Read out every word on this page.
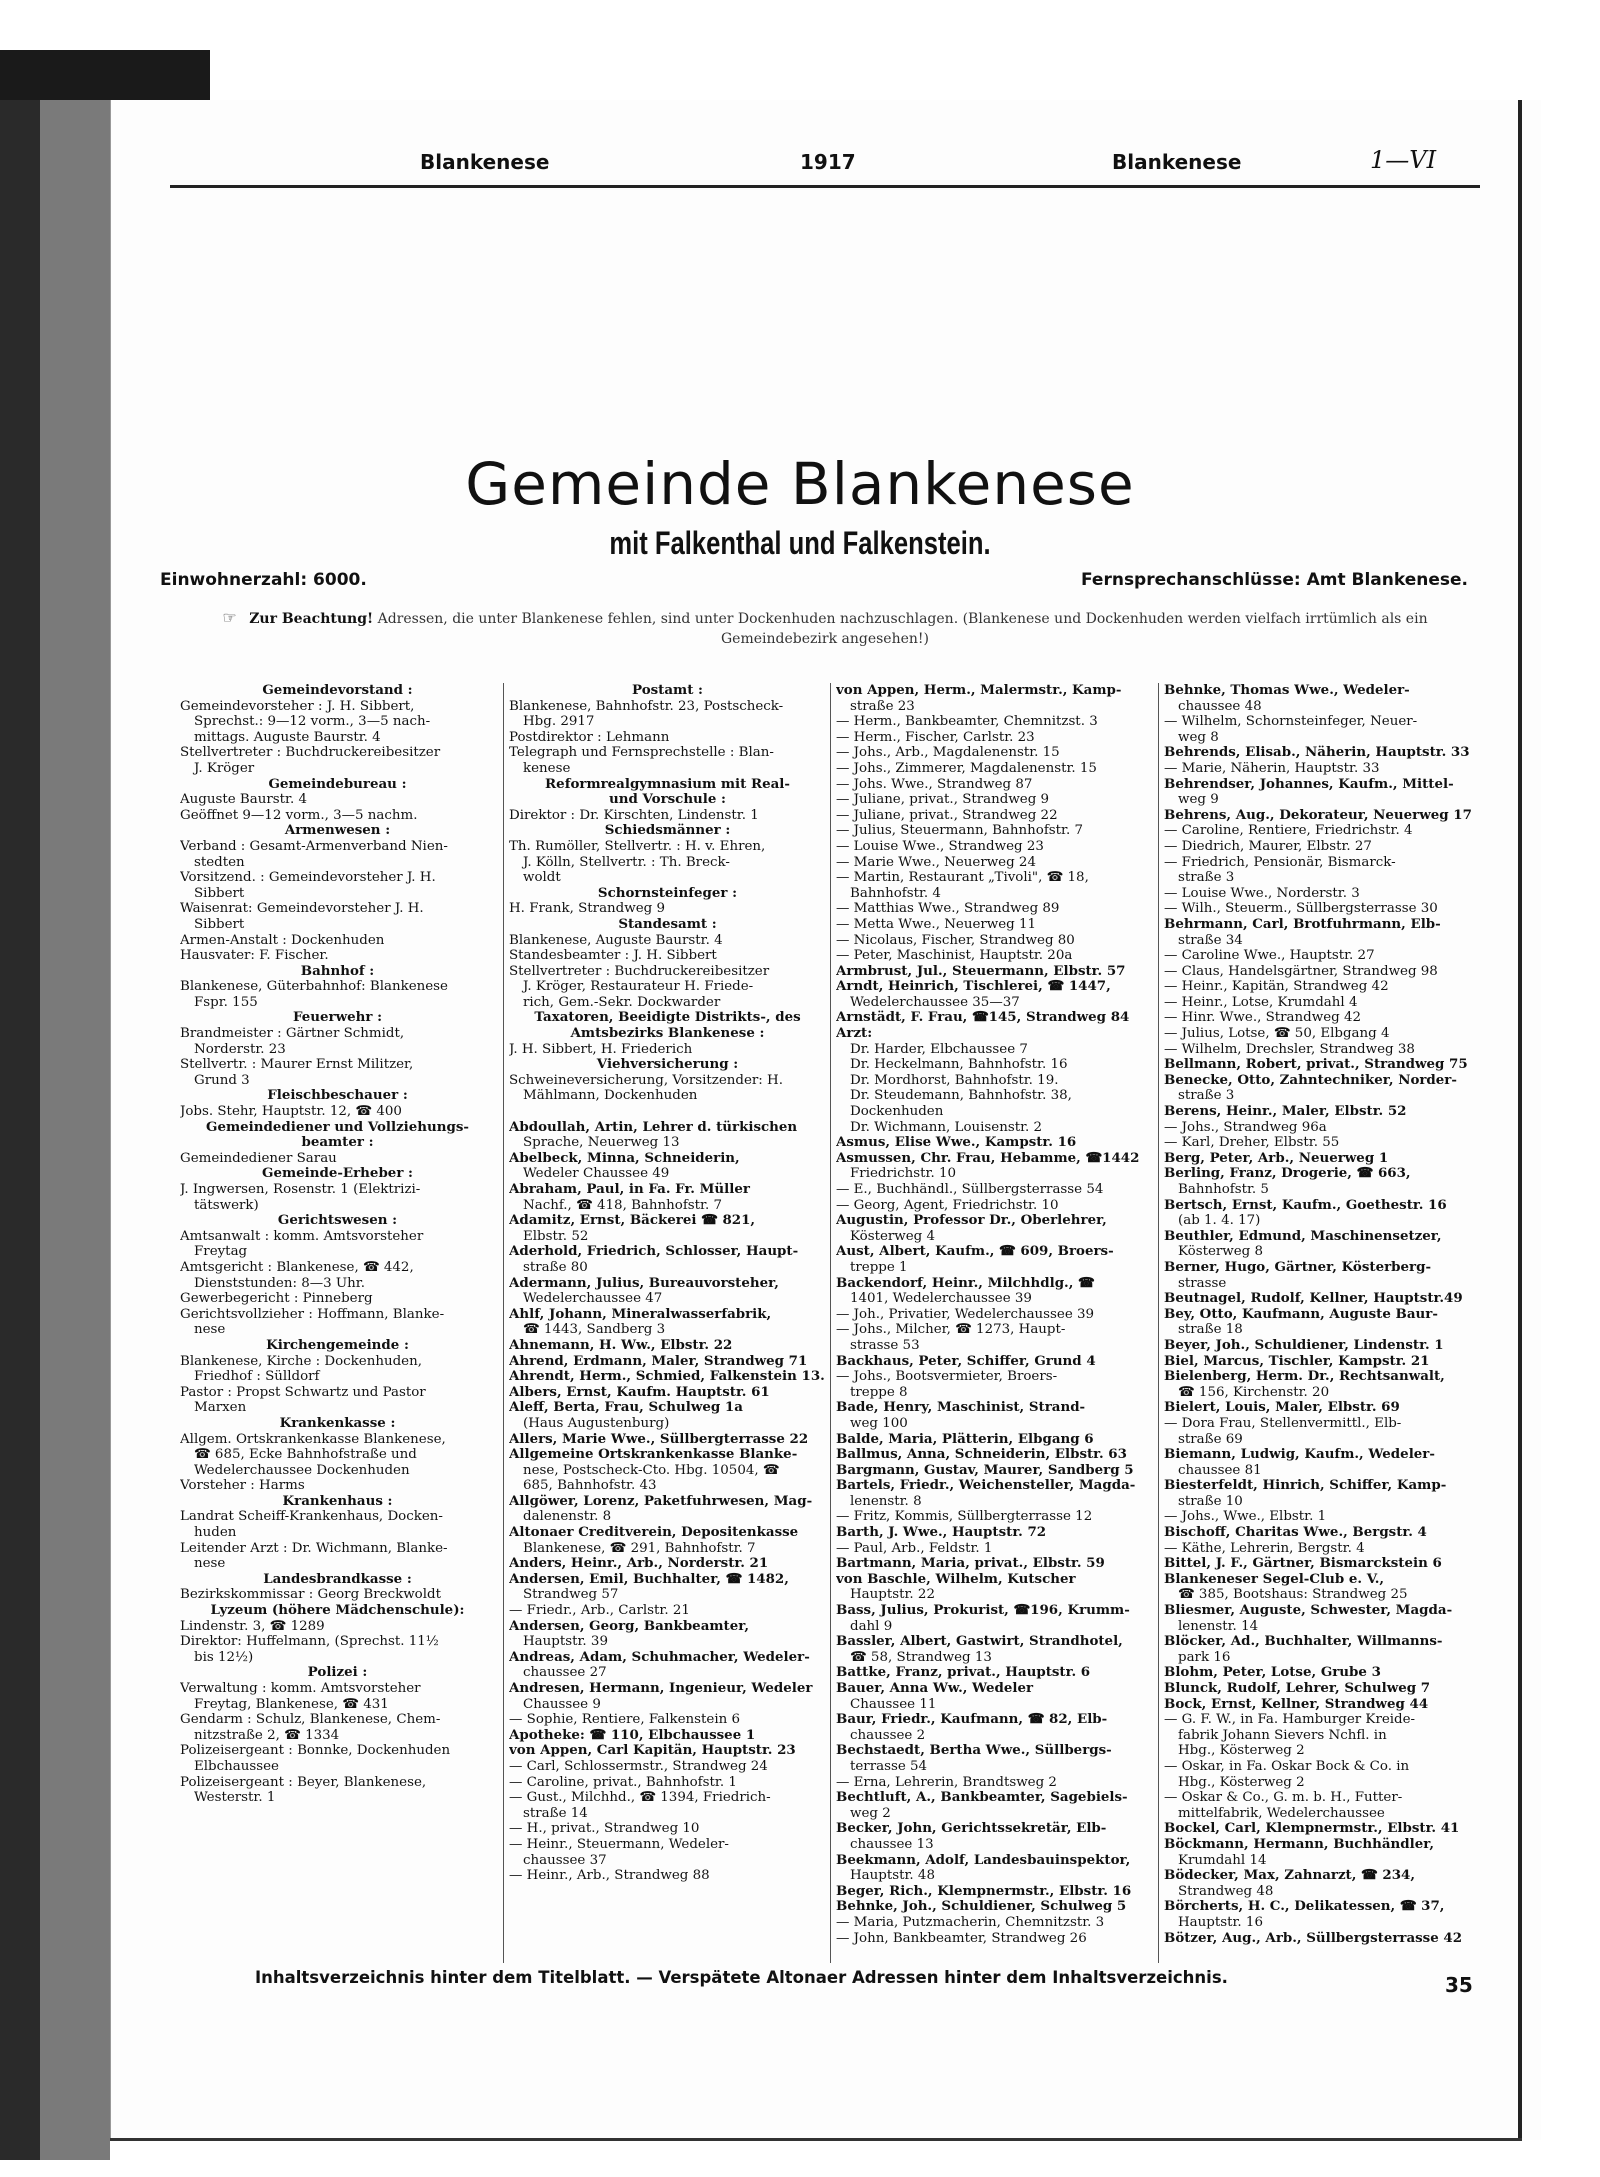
Blankenese	1917	Blankenese	1—VI
Gemeinde Blankenese
mit Falkenthal und Falkenstein.
Einwohnerzahl: 6000.	Fernsprechanschlüsse: Amt Blankenese.
☞ Zur Beachtung! Adressen, die unter Blankenese fehlen, sind unter Dockenhuden nachzuschlagen. (Blankenese und Dockenhuden werden vielfach irrtümlich als ein Gemeindebezirk angesehen!)
Gemeindevorstand :
Gemeindevorsteher : J. H. Sibbert,
Sprechst.: 9—12 vorm., 3—5 nach-
mittags. Auguste Baurstr. 4
Stellvertreter : Buchdruckereibesitzer
J. Kröger
Gemeindebureau :
Auguste Baurstr. 4
Geöffnet 9—12 vorm., 3—5 nachm.
Armenwesen :
Verband : Gesamt-Armenverband Nien-
stedten
Vorsitzend. : Gemeindevorsteher J. H.
Sibbert
Waisenrat: Gemeindevorsteher J. H.
Sibbert
Armen-Anstalt : Dockenhuden
Hausvater: F. Fischer.
Bahnhof :
Blankenese, Güterbahnhof: Blankenese
Fspr. 155
Feuerwehr :
Brandmeister : Gärtner Schmidt,
Norderstr. 23
Stellvertr. : Maurer Ernst Militzer,
Grund 3
Fleischbeschauer :
Jobs. Stehr, Hauptstr. 12, ☎ 400
Gemeindediener und Vollziehungs-
beamter :
Gemeindediener Sarau
Gemeinde-Erheber :
J. Ingwersen, Rosenstr. 1 (Elektrizi-
tätswerk)
Gerichtswesen :
Amtsanwalt : komm. Amtsvorsteher
Freytag
Amtsgericht : Blankenese, ☎ 442,
Dienststunden: 8—3 Uhr.
Gewerbegericht : Pinneberg
Gerichtsvollzieher : Hoffmann, Blanke-
nese
Kirchengemeinde :
Blankenese, Kirche : Dockenhuden,
Friedhof : Sülldorf
Pastor : Propst Schwartz und Pastor
Marxen
Krankenkasse :
Allgem. Ortskrankenkasse Blankenese,
☎ 685, Ecke Bahnhofstraße und
Wedelerchaussee Dockenhuden
Vorsteher : Harms
Krankenhaus :
Landrat Scheiff-Krankenhaus, Docken-
huden
Leitender Arzt : Dr. Wichmann, Blanke-
nese
Landesbrandkasse :
Bezirkskommissar : Georg Breckwoldt
Lyzeum (höhere Mädchenschule):
Lindenstr. 3, ☎ 1289
Direktor: Huffelmann, (Sprechst. 11½
bis 12½)
Polizei :
Verwaltung : komm. Amtsvorsteher
Freytag, Blankenese, ☎ 431
Gendarm : Schulz, Blankenese, Chem-
nitzstraße 2, ☎ 1334
Polizeisergeant : Bonnke, Dockenhuden
Elbchaussee
Polizeisergeant : Beyer, Blankenese,
Westerstr. 1
Postamt :
Blankenese, Bahnhofstr. 23, Postscheck-
Hbg. 2917
Postdirektor : Lehmann
Telegraph und Fernsprechstelle : Blan-
kenese
Reformrealgymnasium mit Real-
und Vorschule :
Direktor : Dr. Kirschten, Lindenstr. 1
Schiedsmänner :
Th. Rumöller, Stellvertr. : H. v. Ehren,
J. Kölln, Stellvertr. : Th. Breck-
woldt
Schornsteinfeger :
H. Frank, Strandweg 9
Standesamt :
Blankenese, Auguste Baurstr. 4
Standesbeamter : J. H. Sibbert
Stellvertreter : Buchdruckereibesitzer
J. Kröger, Restaurateur H. Friede-
rich, Gem.-Sekr. Dockwarder
Taxatoren, Beeidigte Distrikts-, des
Amtsbezirks Blankenese :
J. H. Sibbert, H. Friederich
Viehversicherung :
Schweineversicherung, Vorsitzender: H.
Mählmann, Dockenhuden

Abdoullah, Artin, Lehrer d. türkischen
Sprache, Neuerweg 13
Abelbeck, Minna, Schneiderin,
Wedeler Chaussee 49
Abraham, Paul, in Fa. Fr. Müller
Nachf., ☎ 418, Bahnhofstr. 7
Adamitz, Ernst, Bäckerei ☎ 821,
Elbstr. 52
Aderhold, Friedrich, Schlosser, Haupt-
straße 80
Adermann, Julius, Bureauvorsteher,
Wedelerchaussee 47
Ahlf, Johann, Mineralwasserfabrik,
☎ 1443, Sandberg 3
Ahnemann, H. Ww., Elbstr. 22
Ahrend, Erdmann, Maler, Strandweg 71
Ahrendt, Herm., Schmied, Falkenstein 13.
Albers, Ernst, Kaufm. Hauptstr. 61
Aleff, Berta, Frau, Schulweg 1a
(Haus Augustenburg)
Allers, Marie Wwe., Süllbergterrasse 22
Allgemeine Ortskrankenkasse Blanke-
nese, Postscheck-Cto. Hbg. 10504, ☎
685, Bahnhofstr. 43
Allgöwer, Lorenz, Paketfuhrwesen, Mag-
dalenenstr. 8
Altonaer Creditverein, Depositenkasse
Blankenese, ☎ 291, Bahnhofstr. 7
Anders, Heinr., Arb., Norderstr. 21
Andersen, Emil, Buchhalter, ☎ 1482,
Strandweg 57
— Friedr., Arb., Carlstr. 21
Andersen, Georg, Bankbeamter,
Hauptstr. 39
Andreas, Adam, Schuhmacher, Wedeler-
chaussee 27
Andresen, Hermann, Ingenieur, Wedeler
Chaussee 9
— Sophie, Rentiere, Falkenstein 6
Apotheke: ☎ 110, Elbchaussee 1
von Appen, Carl Kapitän, Hauptstr. 23
— Carl, Schlossermstr., Strandweg 24
— Caroline, privat., Bahnhofstr. 1
— Gust., Milchhd., ☎ 1394, Friedrich-
straße 14
— H., privat., Strandweg 10
— Heinr., Steuermann, Wedeler-
chaussee 37
— Heinr., Arb., Strandweg 88
von Appen, Herm., Malermstr., Kamp-
straße 23
— Herm., Bankbeamter, Chemnitzst. 3
— Herm., Fischer, Carlstr. 23
— Johs., Arb., Magdalenenstr. 15
— Johs., Zimmerer, Magdalenenstr. 15
— Johs. Wwe., Strandweg 87
— Juliane, privat., Strandweg 9
— Juliane, privat., Strandweg 22
— Julius, Steuermann, Bahnhofstr. 7
— Louise Wwe., Strandweg 23
— Marie Wwe., Neuerweg 24
— Martin, Restaurant „Tivoli", ☎ 18,
Bahnhofstr. 4
— Matthias Wwe., Strandweg 89
— Metta Wwe., Neuerweg 11
— Nicolaus, Fischer, Strandweg 80
— Peter, Maschinist, Hauptstr. 20a
Armbrust, Jul., Steuermann, Elbstr. 57
Arndt, Heinrich, Tischlerei, ☎ 1447,
Wedelerchaussee 35—37
Arnstädt, F. Frau, ☎145, Strandweg 84
Arzt:
Dr. Harder, Elbchaussee 7
Dr. Heckelmann, Bahnhofstr. 16
Dr. Mordhorst, Bahnhofstr. 19.
Dr. Steudemann, Bahnhofstr. 38,
Dockenhuden
Dr. Wichmann, Louisenstr. 2
Asmus, Elise Wwe., Kampstr. 16
Asmussen, Chr. Frau, Hebamme, ☎1442
Friedrichstr. 10
— E., Buchhändl., Süllbergsterrasse 54
— Georg, Agent, Friedrichstr. 10
Augustin, Professor Dr., Oberlehrer,
Kösterweg 4
Aust, Albert, Kaufm., ☎ 609, Broers-
treppe 1
Backendorf, Heinr., Milchhdlg., ☎
1401, Wedelerchaussee 39
— Joh., Privatier, Wedelerchaussee 39
— Johs., Milcher, ☎ 1273, Haupt-
strasse 53
Backhaus, Peter, Schiffer, Grund 4
— Johs., Bootsvermieter, Broers-
treppe 8
Bade, Henry, Maschinist, Strand-
weg 100
Balde, Maria, Plätterin, Elbgang 6
Ballmus, Anna, Schneiderin, Elbstr. 63
Bargmann, Gustav, Maurer, Sandberg 5
Bartels, Friedr., Weichensteller, Magda-
lenenstr. 8
— Fritz, Kommis, Süllbergterrasse 12
Barth, J. Wwe., Hauptstr. 72
— Paul, Arb., Feldstr. 1
Bartmann, Maria, privat., Elbstr. 59
von Baschle, Wilhelm, Kutscher
Hauptstr. 22
Bass, Julius, Prokurist, ☎196, Krumm-
dahl 9
Bassler, Albert, Gastwirt, Strandhotel,
☎ 58, Strandweg 13
Battke, Franz, privat., Hauptstr. 6
Bauer, Anna Ww., Wedeler
Chaussee 11
Baur, Friedr., Kaufmann, ☎ 82, Elb-
chaussee 2
Bechstaedt, Bertha Wwe., Süllbergs-
terrasse 54
— Erna, Lehrerin, Brandtsweg 2
Bechtluft, A., Bankbeamter, Sagebiels-
weg 2
Becker, John, Gerichtssekretär, Elb-
chaussee 13
Beekmann, Adolf, Landesbauinspektor,
Hauptstr. 48
Beger, Rich., Klempnermstr., Elbstr. 16
Behnke, Joh., Schuldiener, Schulweg 5
— Maria, Putzmacherin, Chemnitzstr. 3
— John, Bankbeamter, Strandweg 26
Behnke, Thomas Wwe., Wedeler-
chaussee 48
— Wilhelm, Schornsteinfeger, Neuer-
weg 8
Behrends, Elisab., Näherin, Hauptstr. 33
— Marie, Näherin, Hauptstr. 33
Behrendser, Johannes, Kaufm., Mittel-
weg 9
Behrens, Aug., Dekorateur, Neuerweg 17
— Caroline, Rentiere, Friedrichstr. 4
— Diedrich, Maurer, Elbstr. 27
— Friedrich, Pensionär, Bismarck-
straße 3
— Louise Wwe., Norderstr. 3
— Wilh., Steuerm., Süllbergsterrasse 30
Behrmann, Carl, Brotfuhrmann, Elb-
straße 34
— Caroline Wwe., Hauptstr. 27
— Claus, Handelsgärtner, Strandweg 98
— Heinr., Kapitän, Strandweg 42
— Heinr., Lotse, Krumdahl 4
— Hinr. Wwe., Strandweg 42
— Julius, Lotse, ☎ 50, Elbgang 4
— Wilhelm, Drechsler, Strandweg 38
Bellmann, Robert, privat., Strandweg 75
Benecke, Otto, Zahntechniker, Norder-
straße 3
Berens, Heinr., Maler, Elbstr. 52
— Johs., Strandweg 96a
— Karl, Dreher, Elbstr. 55
Berg, Peter, Arb., Neuerweg 1
Berling, Franz, Drogerie, ☎ 663,
Bahnhofstr. 5
Bertsch, Ernst, Kaufm., Goethestr. 16
(ab 1. 4. 17)
Beuthler, Edmund, Maschinensetzer,
Kösterweg 8
Berner, Hugo, Gärtner, Kösterberg-
strasse
Beutnagel, Rudolf, Kellner, Hauptstr.49
Bey, Otto, Kaufmann, Auguste Baur-
straße 18
Beyer, Joh., Schuldiener, Lindenstr. 1
Biel, Marcus, Tischler, Kampstr. 21
Bielenberg, Herm. Dr., Rechtsanwalt,
☎ 156, Kirchenstr. 20
Bielert, Louis, Maler, Elbstr. 69
— Dora Frau, Stellenvermittl., Elb-
straße 69
Biemann, Ludwig, Kaufm., Wedeler-
chaussee 81
Biesterfeldt, Hinrich, Schiffer, Kamp-
straße 10
— Johs., Wwe., Elbstr. 1
Bischoff, Charitas Wwe., Bergstr. 4
— Käthe, Lehrerin, Bergstr. 4
Bittel, J. F., Gärtner, Bismarckstein 6
Blankeneser Segel-Club e. V.,
☎ 385, Bootshaus: Strandweg 25
Bliesmer, Auguste, Schwester, Magda-
lenenstr. 14
Blöcker, Ad., Buchhalter, Willmanns-
park 16
Blohm, Peter, Lotse, Grube 3
Blunck, Rudolf, Lehrer, Schulweg 7
Bock, Ernst, Kellner, Strandweg 44
— G. F. W., in Fa. Hamburger Kreide-
fabrik Johann Sievers Nchfl. in
Hbg., Kösterweg 2
— Oskar, in Fa. Oskar Bock & Co. in
Hbg., Kösterweg 2
— Oskar & Co., G. m. b. H., Futter-
mittelfabrik, Wedelerchaussee
Bockel, Carl, Klempnermstr., Elbstr. 41
Böckmann, Hermann, Buchhändler,
Krumdahl 14
Bödecker, Max, Zahnarzt, ☎ 234,
Strandweg 48
Börcherts, H. C., Delikatessen, ☎ 37,
Hauptstr. 16
Bötzer, Aug., Arb., Süllbergsterrasse 42
Inhaltsverzeichnis hinter dem Titelblatt. — Verspätete Altonaer Adressen hinter dem Inhaltsverzeichnis.	35
